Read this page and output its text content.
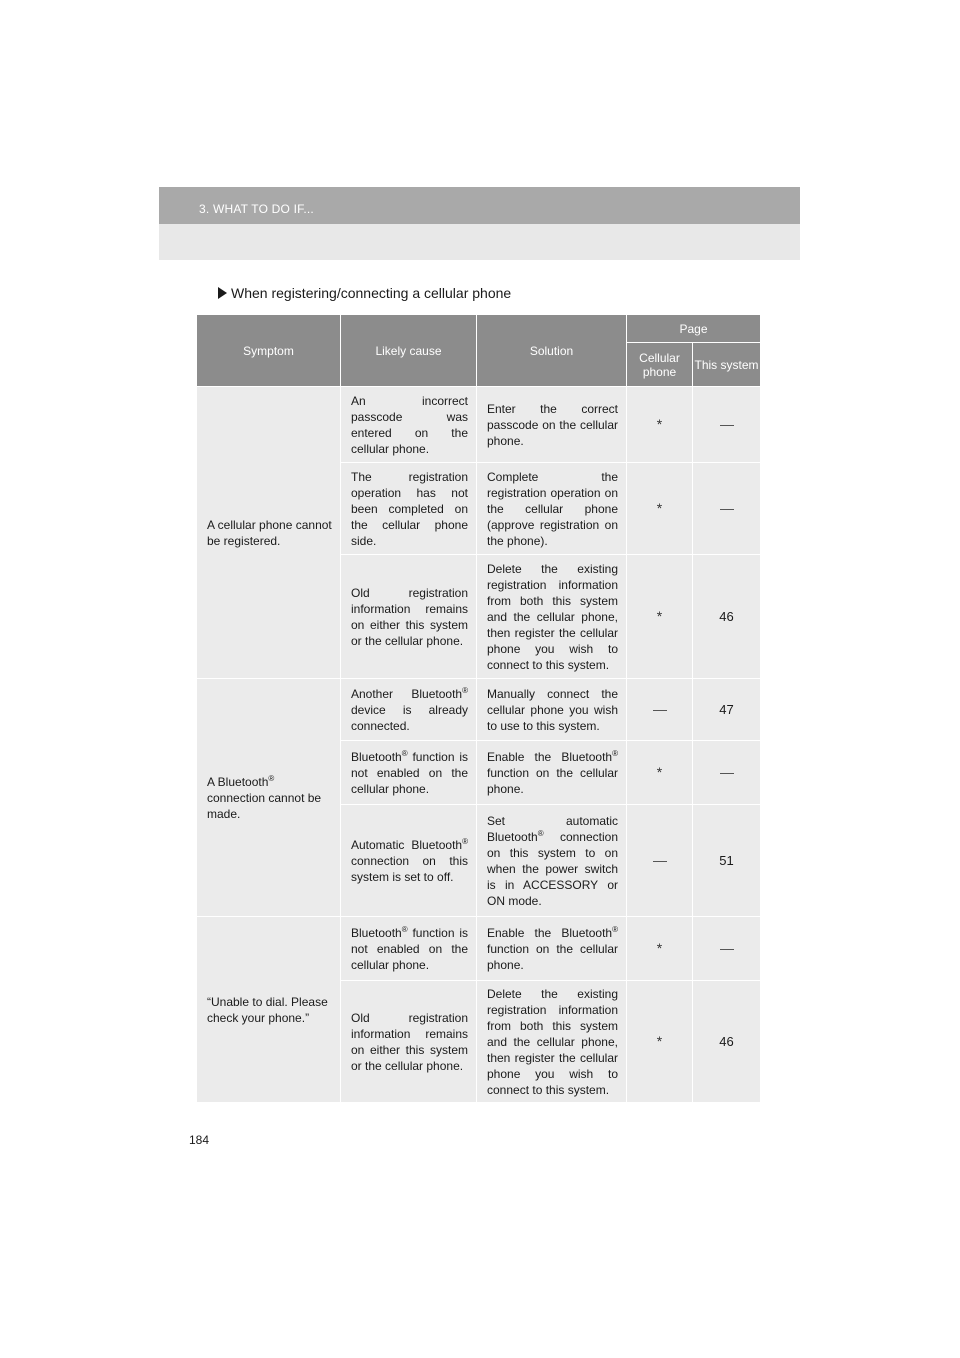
3. WHAT TO DO IF...
When registering/connecting a cellular phone
Symptom	Likely cause	Solution	Page	
			Cellular phone	This system
A cellular phone cannot be registered.	An incorrect passcode was entered on the cellular phone.	Enter the correct passcode on the cellular phone.	*	
	The registration operation has not been completed on the cellular phone side.	Complete the registration operation on the cellular phone (approve registration on the phone).	*	
	Old registration information remains on either this system or the cellular phone.	Delete the existing registration information from both this system and the cellular phone, then register the cellular phone you wish to connect to this system.	*	46
A Bluetooth® connection cannot be made.	Another Bluetooth® device is already connected.	Manually connect the cellular phone you wish to use to this system.		47
	Bluetooth® function is not enabled on the cellular phone.	Enable the Bluetooth® function on the cellular phone.	*	
	Automatic Bluetooth® connection on this system is set to off.	Set automatic Bluetooth® connection on this system to on when the power switch is in ACCESSORY or ON mode.		51
“Unable to dial. Please check your phone.”	Bluetooth® function is not enabled on the cellular phone.	Enable the Bluetooth® function on the cellular phone.	*	
	Old registration information remains on either this system or the cellular phone.	Delete the existing registration information from both this system and the cellular phone, then register the cellular phone you wish to connect to this system.	*	46
184
